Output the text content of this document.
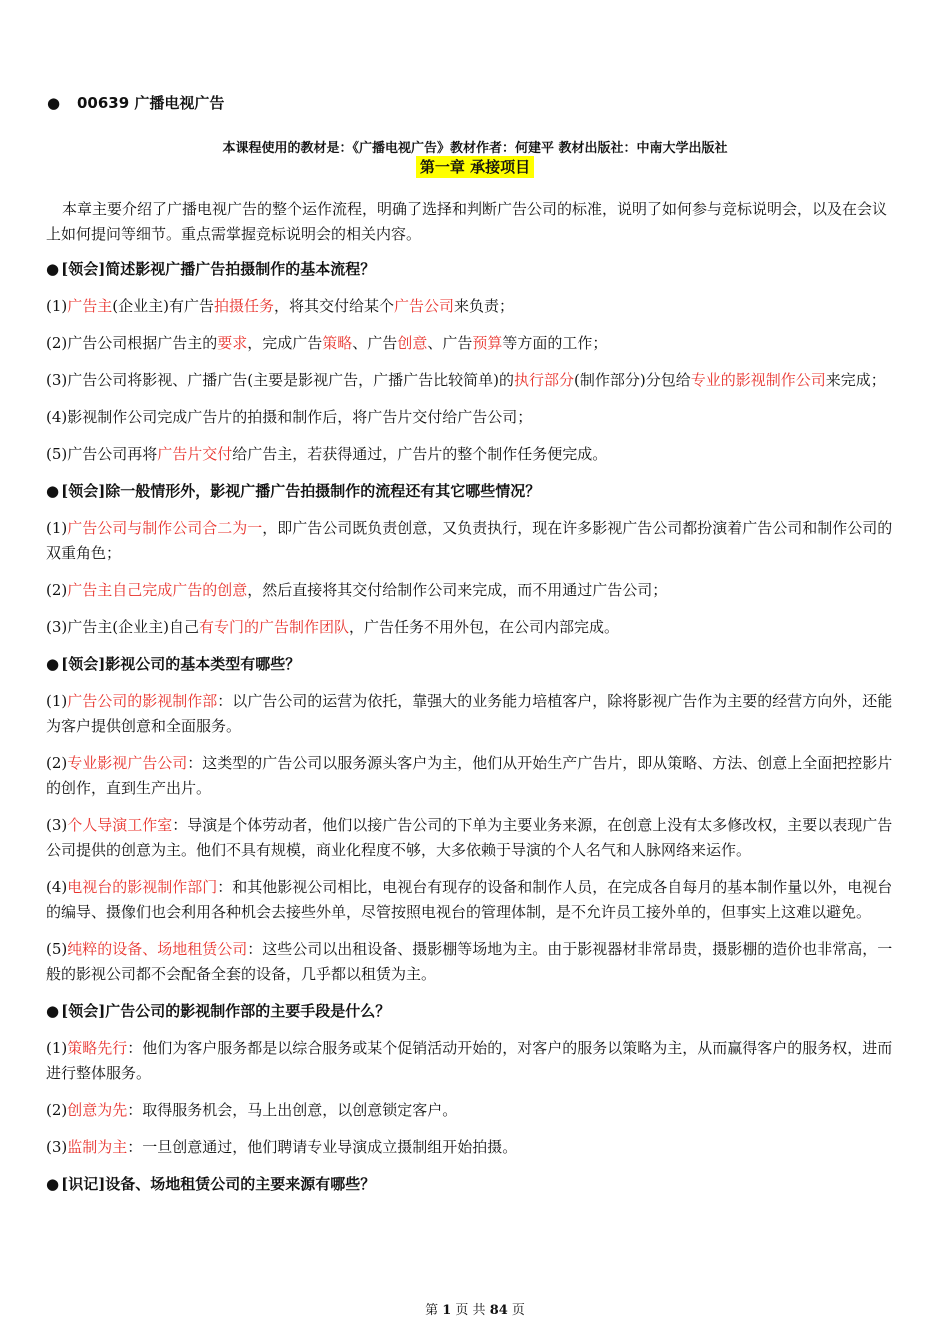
● 00639 广播电视广告
本课程使用的教材是：《广播电视广告》教材作者：何建平 教材出版社：中南大学出版社
第一章 承接项目

本章主要介绍了广播电视广告的整个运作流程，明确了选择和判断广告公司的标准，说明了如何参与竞标说明会，以及在会议上如何提问等细节。重点需掌握竞标说明会的相关内容。

● [领会]简述影视广播广告拍摄制作的基本流程？

(1)广告主(企业主)有广告拍摄任务，将其交付给某个广告公司来负责；

(2)广告公司根据广告主的要求，完成广告策略、广告创意、广告预算等方面的工作；

(3)广告公司将影视、广播广告(主要是影视广告，广播广告比较简单)的执行部分(制作部分)分包给专业的影视制作公司来完成；

(4)影视制作公司完成广告片的拍摄和制作后，将广告片交付给广告公司；

(5)广告公司再将广告片交付给广告主，若获得通过，广告片的整个制作任务便完成。

● [领会]除一般情形外，影视广播广告拍摄制作的流程还有其它哪些情况？

(1)广告公司与制作公司合二为一，即广告公司既负责创意，又负责执行，现在许多影视广告公司都扮演着广告公司和制作公司的双重角色；

(2)广告主自己完成广告的创意，然后直接将其交付给制作公司来完成，而不用通过广告公司；

(3)广告主(企业主)自己有专门的广告制作团队，广告任务不用外包，在公司内部完成。

● [领会]影视公司的基本类型有哪些？

(1)广告公司的影视制作部：以广告公司的运营为依托，靠强大的业务能力培植客户，除将影视广告作为主要的经营方向外，还能为客户提供创意和全面服务。

(2)专业影视广告公司：这类型的广告公司以服务源头客户为主，他们从开始生产广告片，即从策略、方法、创意上全面把控影片的创作，直到生产出片。

(3)个人导演工作室：导演是个体劳动者，他们以接广告公司的下单为主要业务来源，在创意上没有太多修改权，主要以表现广告公司提供的创意为主。他们不具有规模，商业化程度不够，大多依赖于导演的个人名气和人脉网络来运作。

(4)电视台的影视制作部门：和其他影视公司相比，电视台有现存的设备和制作人员，在完成各自每月的基本制作量以外，电视台的编导、摄像们也会利用各种机会去接些外单，尽管按照电视台的管理体制，是不允许员工接外单的，但事实上这难以避免。

(5)纯粹的设备、场地租赁公司：这些公司以出租设备、摄影棚等场地为主。由于影视器材非常昂贵，摄影棚的造价也非常高，一般的影视公司都不会配备全套的设备，几乎都以租赁为主。

● [领会]广告公司的影视制作部的主要手段是什么？

(1)策略先行：他们为客户服务都是以综合服务或某个促销活动开始的，对客户的服务以策略为主，从而赢得客户的服务权，进而进行整体服务。

(2)创意为先：取得服务机会，马上出创意，以创意锁定客户。

(3)监制为主：一旦创意通过，他们聘请专业导演成立摄制组开始拍摄。

● [识记]设备、场地租赁公司的主要来源有哪些？

第 1 页 共 84 页
